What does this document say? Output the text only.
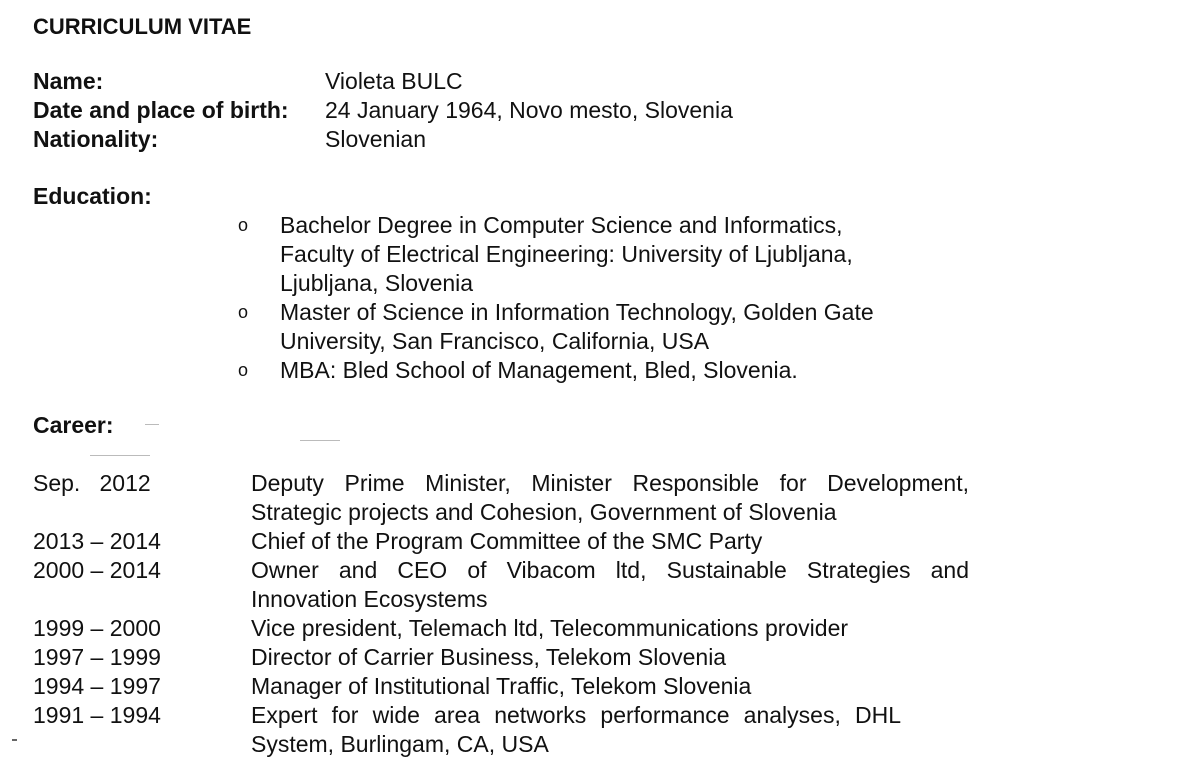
CURRICULUM VITAE
Name:	Violeta BULC
Date and place of birth:	24 January 1964, Novo mesto, Slovenia
Nationality:	Slovenian
Education:
o	Bachelor Degree in Computer Science and Informatics, Faculty of Electrical Engineering: University of Ljubljana, Ljubljana, Slovenia
o	Master of Science in Information Technology, Golden Gate University, San Francisco, California, USA
o	MBA: Bled School of Management, Bled, Slovenia.
Career:
Sep.   2012	Deputy Prime Minister, Minister Responsible for Development, Strategic projects and Cohesion, Government of Slovenia
2013 – 2014	Chief of the Program Committee of the SMC Party
2000 – 2014	Owner and CEO of Vibacom ltd, Sustainable Strategies and Innovation Ecosystems
1999 – 2000	Vice president, Telemach ltd, Telecommunications provider
1997 – 1999	Director of Carrier Business, Telekom Slovenia
1994 – 1997	Manager of Institutional Traffic, Telekom Slovenia
1991 – 1994	Expert for wide area networks performance analyses, DHL System, Burlingam, CA, USA
